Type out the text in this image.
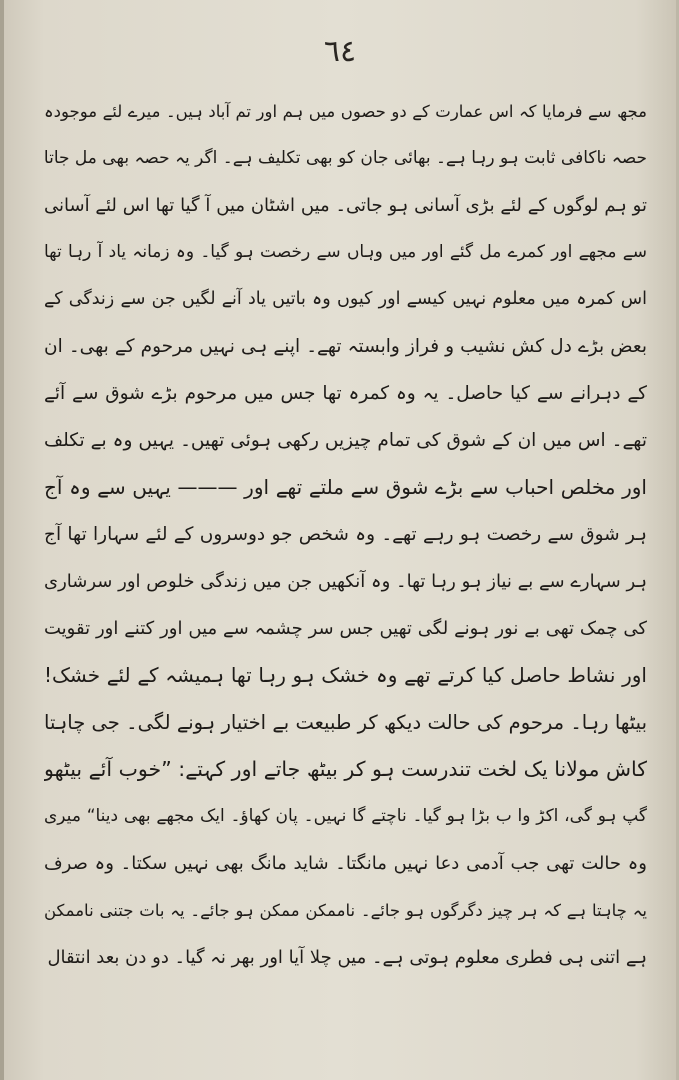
٦٤
مجھ سے فرمایا کہ اس عمارت کے دو حصوں میں ہم اور تم آباد ہیں۔ میرے لئے موجودہ
حصہ ناکافی ثابت ہو رہا ہے۔ بھائی جان کو بھی تکلیف ہے۔ اگر یہ حصہ بھی مل جاتا
تو ہم لوگوں کے لئے بڑی آسانی ہو جاتی۔ میں اشٹان میں آ گیا تھا اس لئے آسانی
سے مجھے اور کمرے مل گئے اور میں وہاں سے رخصت ہو گیا۔ وہ زمانہ یاد آ رہا تھا
اس کمرہ میں معلوم نہیں کیسے اور کیوں وہ باتیں یاد آنے لگیں جن سے زندگی کے
بعض بڑے دل کش نشیب و فراز وابستہ تھے۔ اپنے ہی نہیں مرحوم کے بھی۔ ان
کے دہرانے سے کیا حاصل۔ یہ وہ کمرہ تھا جس میں مرحوم بڑے شوق سے آئے
تھے۔ اس میں ان کے شوق کی تمام چیزیں رکھی ہوئی تھیں۔ یہیں وہ بے تکلف
اور مخلص احباب سے بڑے شوق سے ملتے تھے اور ——— یہیں سے وہ آج
ہر شوق سے رخصت ہو رہے تھے۔ وہ شخص جو دوسروں کے لئے سہارا تھا آج
ہر سہارے سے بے نیاز ہو رہا تھا۔ وہ آنکھیں جن میں زندگی خلوص اور سرشاری
کی چمک تھی بے نور ہونے لگی تھیں جس سر چشمہ سے میں اور کتنے اور تقویت
اور نشاط حاصل کیا کرتے تھے وہ خشک ہو رہا تھا ہمیشہ کے لئے خشک!
بیٹھا رہا۔ مرحوم کی حالت دیکھ کر طبیعت بے اختیار ہونے لگی۔ جی چاہتا
کاش مولانا یک لخت تندرست ہو کر بیٹھ جاتے اور کہتے: ”خوب آئے بیٹھو
گپ ہو گی، اکڑ وا ب بڑا ہو گیا۔ ناچتے گا نہیں۔ پان کھاؤ۔ ایک مجھے بھی دینا“ میری
وہ حالت تھی جب آدمی دعا نہیں مانگتا۔ شاید مانگ بھی نہیں سکتا۔ وہ صرف
یہ چاہتا ہے کہ ہر چیز دگرگوں ہو جائے۔ ناممکن ممکن ہو جائے۔ یہ بات جتنی ناممکن
ہے اتنی ہی فطری معلوم ہوتی ہے۔ میں چلا آیا اور بھر نہ گیا۔ دو دن بعد انتقال
